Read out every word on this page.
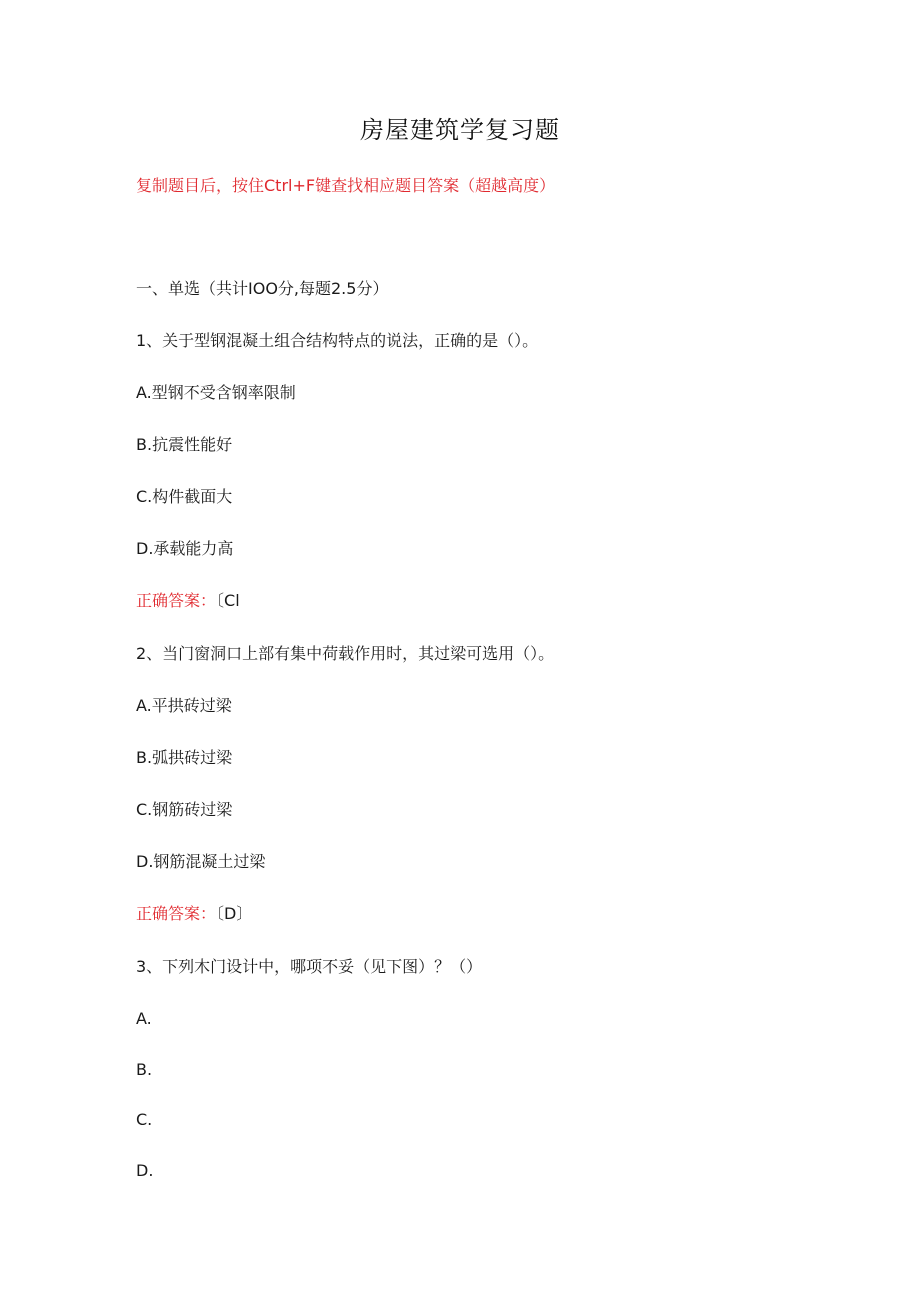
房屋建筑学复习题
复制题目后，按住Ctrl+F键查找相应题目答案（超越高度）
一、单选（共计IOO分,每题2.5分）
1、关于型钢混凝土组合结构特点的说法，正确的是（）。
A.型钢不受含钢率限制
B.抗震性能好
C.构件截面大
D.承载能力高
正确答案：〔Cl
2、当门窗洞口上部有集中荷载作用时，其过梁可选用（）。
A.平拱砖过梁
B.弧拱砖过梁
C.钢筋砖过梁
D.钢筋混凝土过梁
正确答案：〔D〕
3、下列木门设计中，哪项不妥（见下图）？（）
A.
B.
C.
D.
